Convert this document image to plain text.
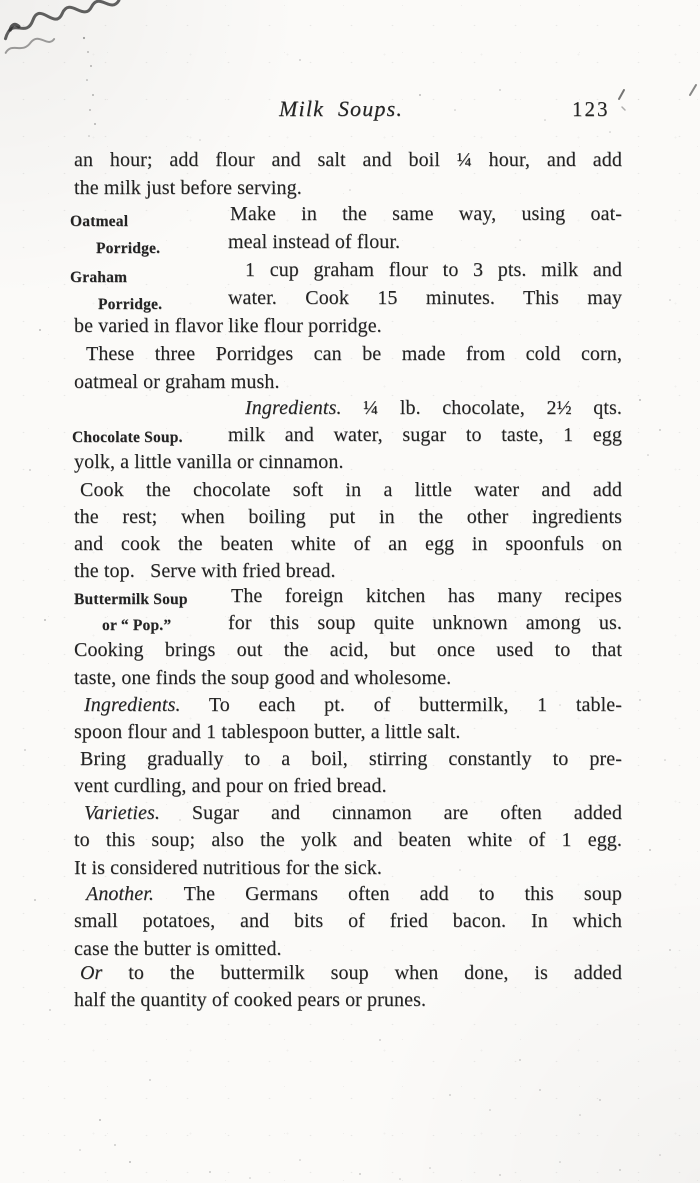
Milk Soups.	123
an hour; add flour and salt and boil ¼ hour, and add
the milk just before serving.
Oatmeal	Make in the same way, using oat-
Porridge.	meal instead of flour.
Graham	1 cup graham flour to 3 pts. milk and
Porridge.	water. Cook 15 minutes. This may
be varied in flavor like flour porridge.
These three Porridges can be made from cold corn,
oatmeal or graham mush.
Ingredients. ¼ lb. chocolate, 2½ qts.
Chocolate Soup. milk and water, sugar to taste, 1 egg
yolk, a little vanilla or cinnamon.
Cook the chocolate soft in a little water and add
the rest; when boiling put in the other ingredients
and cook the beaten white of an egg in spoonfuls on
the top.   Serve with fried bread.
Buttermilk Soup The foreign kitchen has many recipes
or “ Pop.”	for this soup quite unknown among us.
Cooking brings out the acid, but once used to that
taste, one finds the soup good and wholesome.
Ingredients. To each pt. of buttermilk, 1 table-
spoon flour and 1 tablespoon butter, a little salt.
Bring gradually to a boil, stirring constantly to pre-
vent curdling, and pour on fried bread.
Varieties. Sugar and cinnamon are often added
to this soup; also the yolk and beaten white of 1 egg.
It is considered nutritious for the sick.
Another. The Germans often add to this soup
small potatoes, and bits of fried bacon. In which
case the butter is omitted.
Or to the buttermilk soup when done, is added
half the quantity of cooked pears or prunes.
